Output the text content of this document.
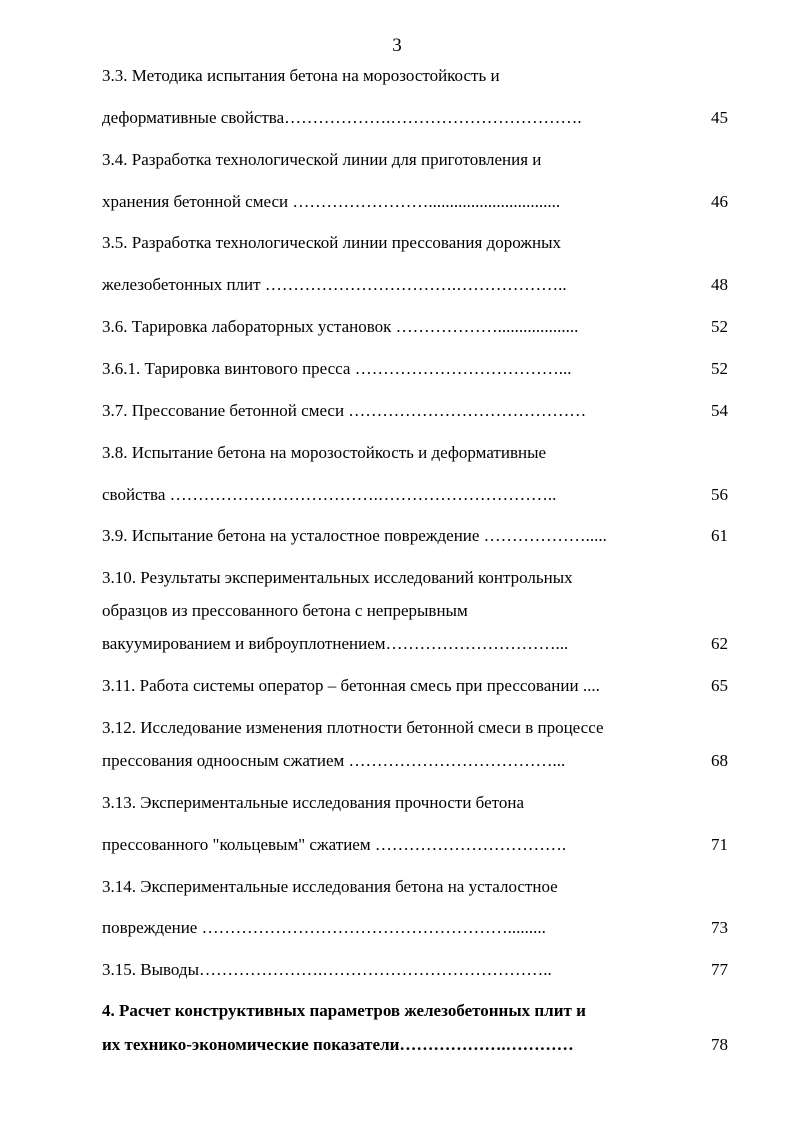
3
3.3. Методика испытания бетона на морозостойкость и
деформативные свойства……………….…………………………….	45
3.4. Разработка технологической линии для приготовления и
хранения бетонной смеси ……………………...............................	46
3.5. Разработка технологической линии прессования дорожных
железобетонных плит …………………………….………………..	48
3.6. Тарировка лабораторных установок ………………...................	52
3.6.1. Тарировка винтового пресса ………………………………...	52
3.7. Прессование бетонной смеси ……………………………………	54
3.8. Испытание бетона на морозостойкость и деформативные
свойства ……………………………….…………………………..	56
3.9. Испытание бетона на усталостное повреждение ……………….....	61
3.10. Результаты экспериментальных исследований контрольных
образцов из прессованного бетона с непрерывным
вакуумированием и виброуплотнением…………………………...	62
3.11. Работа системы оператор – бетонная смесь при прессовании ....	65
3.12. Исследование изменения плотности бетонной смеси в процессе
прессования одноосным сжатием ………………………………...	68
3.13. Экспериментальные исследования прочности бетона
прессованного "кольцевым" сжатием …………………………….	71
3.14. Экспериментальные исследования бетона на усталостное
повреждение ……………………………………………….........	73
3.15. Выводы………………….…………………………………..	77
4. Расчет конструктивных параметров железобетонных плит и
их технико-экономические показатели……………….…………	78
